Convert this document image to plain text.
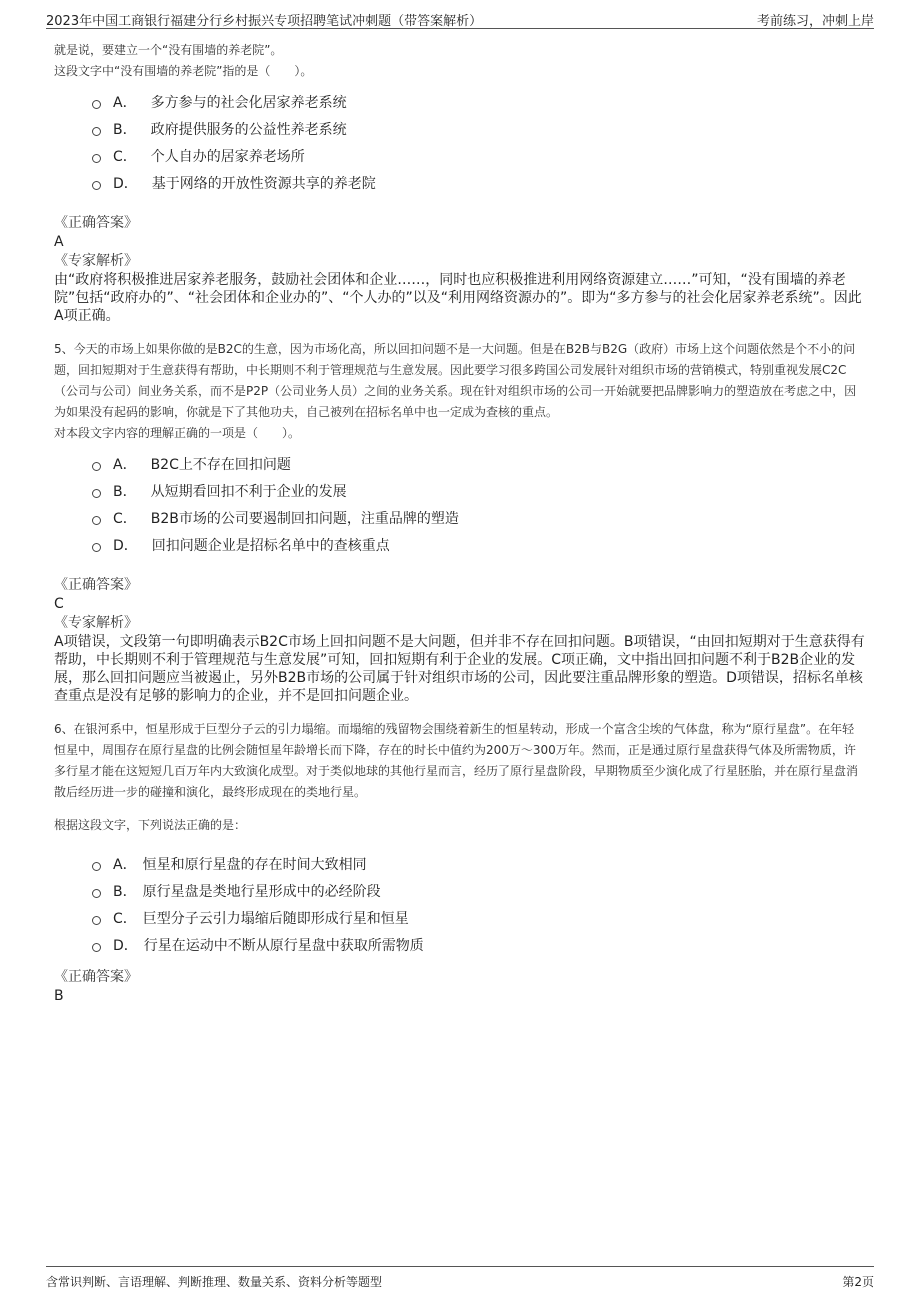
2023年中国工商银行福建分行乡村振兴专项招聘笔试冲刺题（带答案解析）	考前练习，冲刺上岸

就是说，要建立一个“没有围墙的养老院”。

这段文字中“没有围墙的养老院”指的是（　　）。

A． 多方参与的社会化居家养老系统
B． 政府提供服务的公益性养老系统
C． 个人自办的居家养老场所
D． 基于网络的开放性资源共享的养老院

《正确答案》

A

《专家解析》

由“政府将积极推进居家养老服务，鼓励社会团体和企业……，同时也应积极推进利用网络资源建立……”可知，“没有围墙的养老院”包括“政府办的”、“社会团体和企业办的”、“个人办的”以及“利用网络资源办的”。即为“多方参与的社会化居家养老系统”。因此A项正确。

5、今天的市场上如果你做的是B2C的生意，因为市场化高，所以回扣问题不是一大问题。但是在B2B与B2G（政府）市场上这个问题依然是个不小的问题，回扣短期对于生意获得有帮助，中长期则不利于管理规范与生意发展。因此要学习很多跨国公司发展针对组织市场的营销模式，特别重视发展C2C（公司与公司）间业务关系，而不是P2P（公司业务人员）之间的业务关系。现在针对组织市场的公司一开始就要把品牌影响力的塑造放在考虑之中，因为如果没有起码的影响，你就是下了其他功夫，自己被列在招标名单中也一定成为查核的重点。

对本段文字内容的理解正确的一项是（　　）。

A． B2C上不存在回扣问题
B． 从短期看回扣不利于企业的发展
C． B2B市场的公司要遏制回扣问题，注重品牌的塑造
D． 回扣问题企业是招标名单中的查核重点

《正确答案》

C

《专家解析》

A项错误，文段第一句即明确表示B2C市场上回扣问题不是大问题，但并非不存在回扣问题。B项错误，“由回扣短期对于生意获得有帮助，中长期则不利于管理规范与生意发展”可知，回扣短期有利于企业的发展。C项正确，文中指出回扣问题不利于B2B企业的发展，那么回扣问题应当被遏止，另外B2B市场的公司属于针对组织市场的公司，因此要注重品牌形象的塑造。D项错误，招标名单核查重点是没有足够的影响力的企业，并不是回扣问题企业。

6、在银河系中，恒星形成于巨型分子云的引力塌缩。而塌缩的残留物会围绕着新生的恒星转动，形成一个富含尘埃的气体盘，称为“原行星盘”。在年轻恒星中，周围存在原行星盘的比例会随恒星年龄增长而下降，存在的时长中值约为200万～300万年。然而，正是通过原行星盘获得气体及所需物质，许多行星才能在这短短几百万年内大致演化成型。对于类似地球的其他行星而言，经历了原行星盘阶段，早期物质至少演化成了行星胚胎，并在原行星盘消散后经历进一步的碰撞和演化，最终形成现在的类地行星。

根据这段文字，下列说法正确的是：

A． 恒星和原行星盘的存在时间大致相同
B． 原行星盘是类地行星形成中的必经阶段
C． 巨型分子云引力塌缩后随即形成行星和恒星
D． 行星在运动中不断从原行星盘中获取所需物质

《正确答案》

B

含常识判断、言语理解、判断推理、数量关系、资料分析等题型	第2页
